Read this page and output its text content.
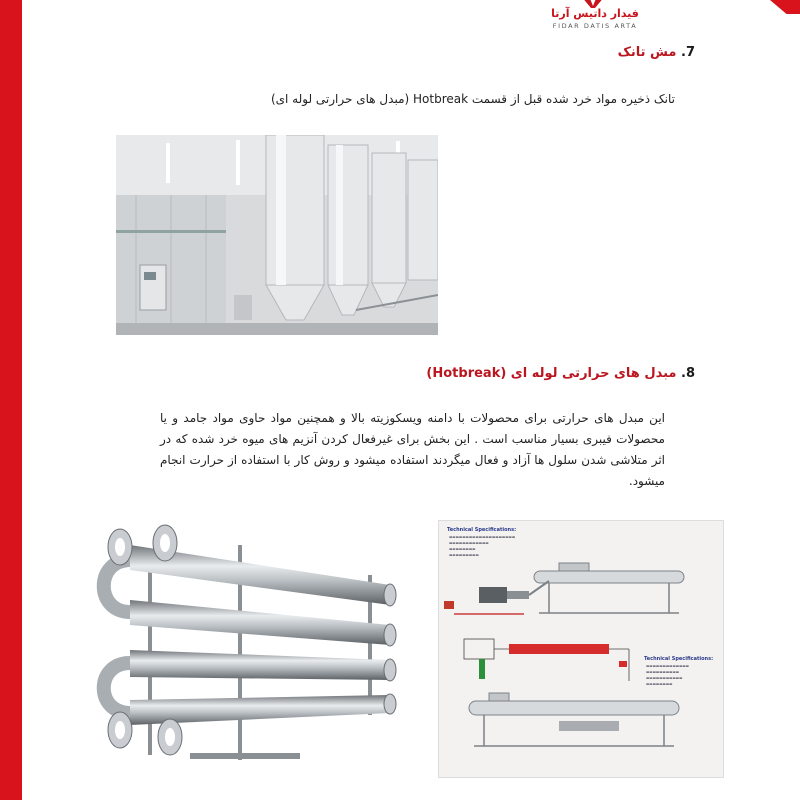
فیدار داتیس آرتا
FIDAR DATIS ARTA
7. مش تانک
تانک ذخیره مواد خرد شده قبل از قسمت Hotbreak (مبدل های حرارتی لوله ای)
8. مبدل های حرارتی لوله ای (Hotbreak)
این مبدل های حرارتی برای محصولات با دامنه ویسکوزیته بالا و همچنین مواد حاوی مواد جامد و یا محصولات فیبری بسیار مناسب است . این بخش برای غیرفعال کردن آنزیم های میوه خرد شده که در اثر متلاشی شدن سلول ها آزاد و فعال میگردند استفاده میشود و روش کار با استفاده از حرارت انجام میشود.
Technical Specifications:
▬▬▬▬▬▬▬▬▬▬▬▬▬▬▬▬▬▬▬▬
▬▬▬▬▬▬▬▬▬▬▬▬
▬▬▬▬▬▬▬▬
▬▬▬▬▬▬▬▬▬
Technical Specifications:
▬▬▬▬▬▬▬▬▬▬▬▬▬
▬▬▬▬▬▬▬▬▬▬
▬▬▬▬▬▬▬▬▬▬▬
▬▬▬▬▬▬▬▬
